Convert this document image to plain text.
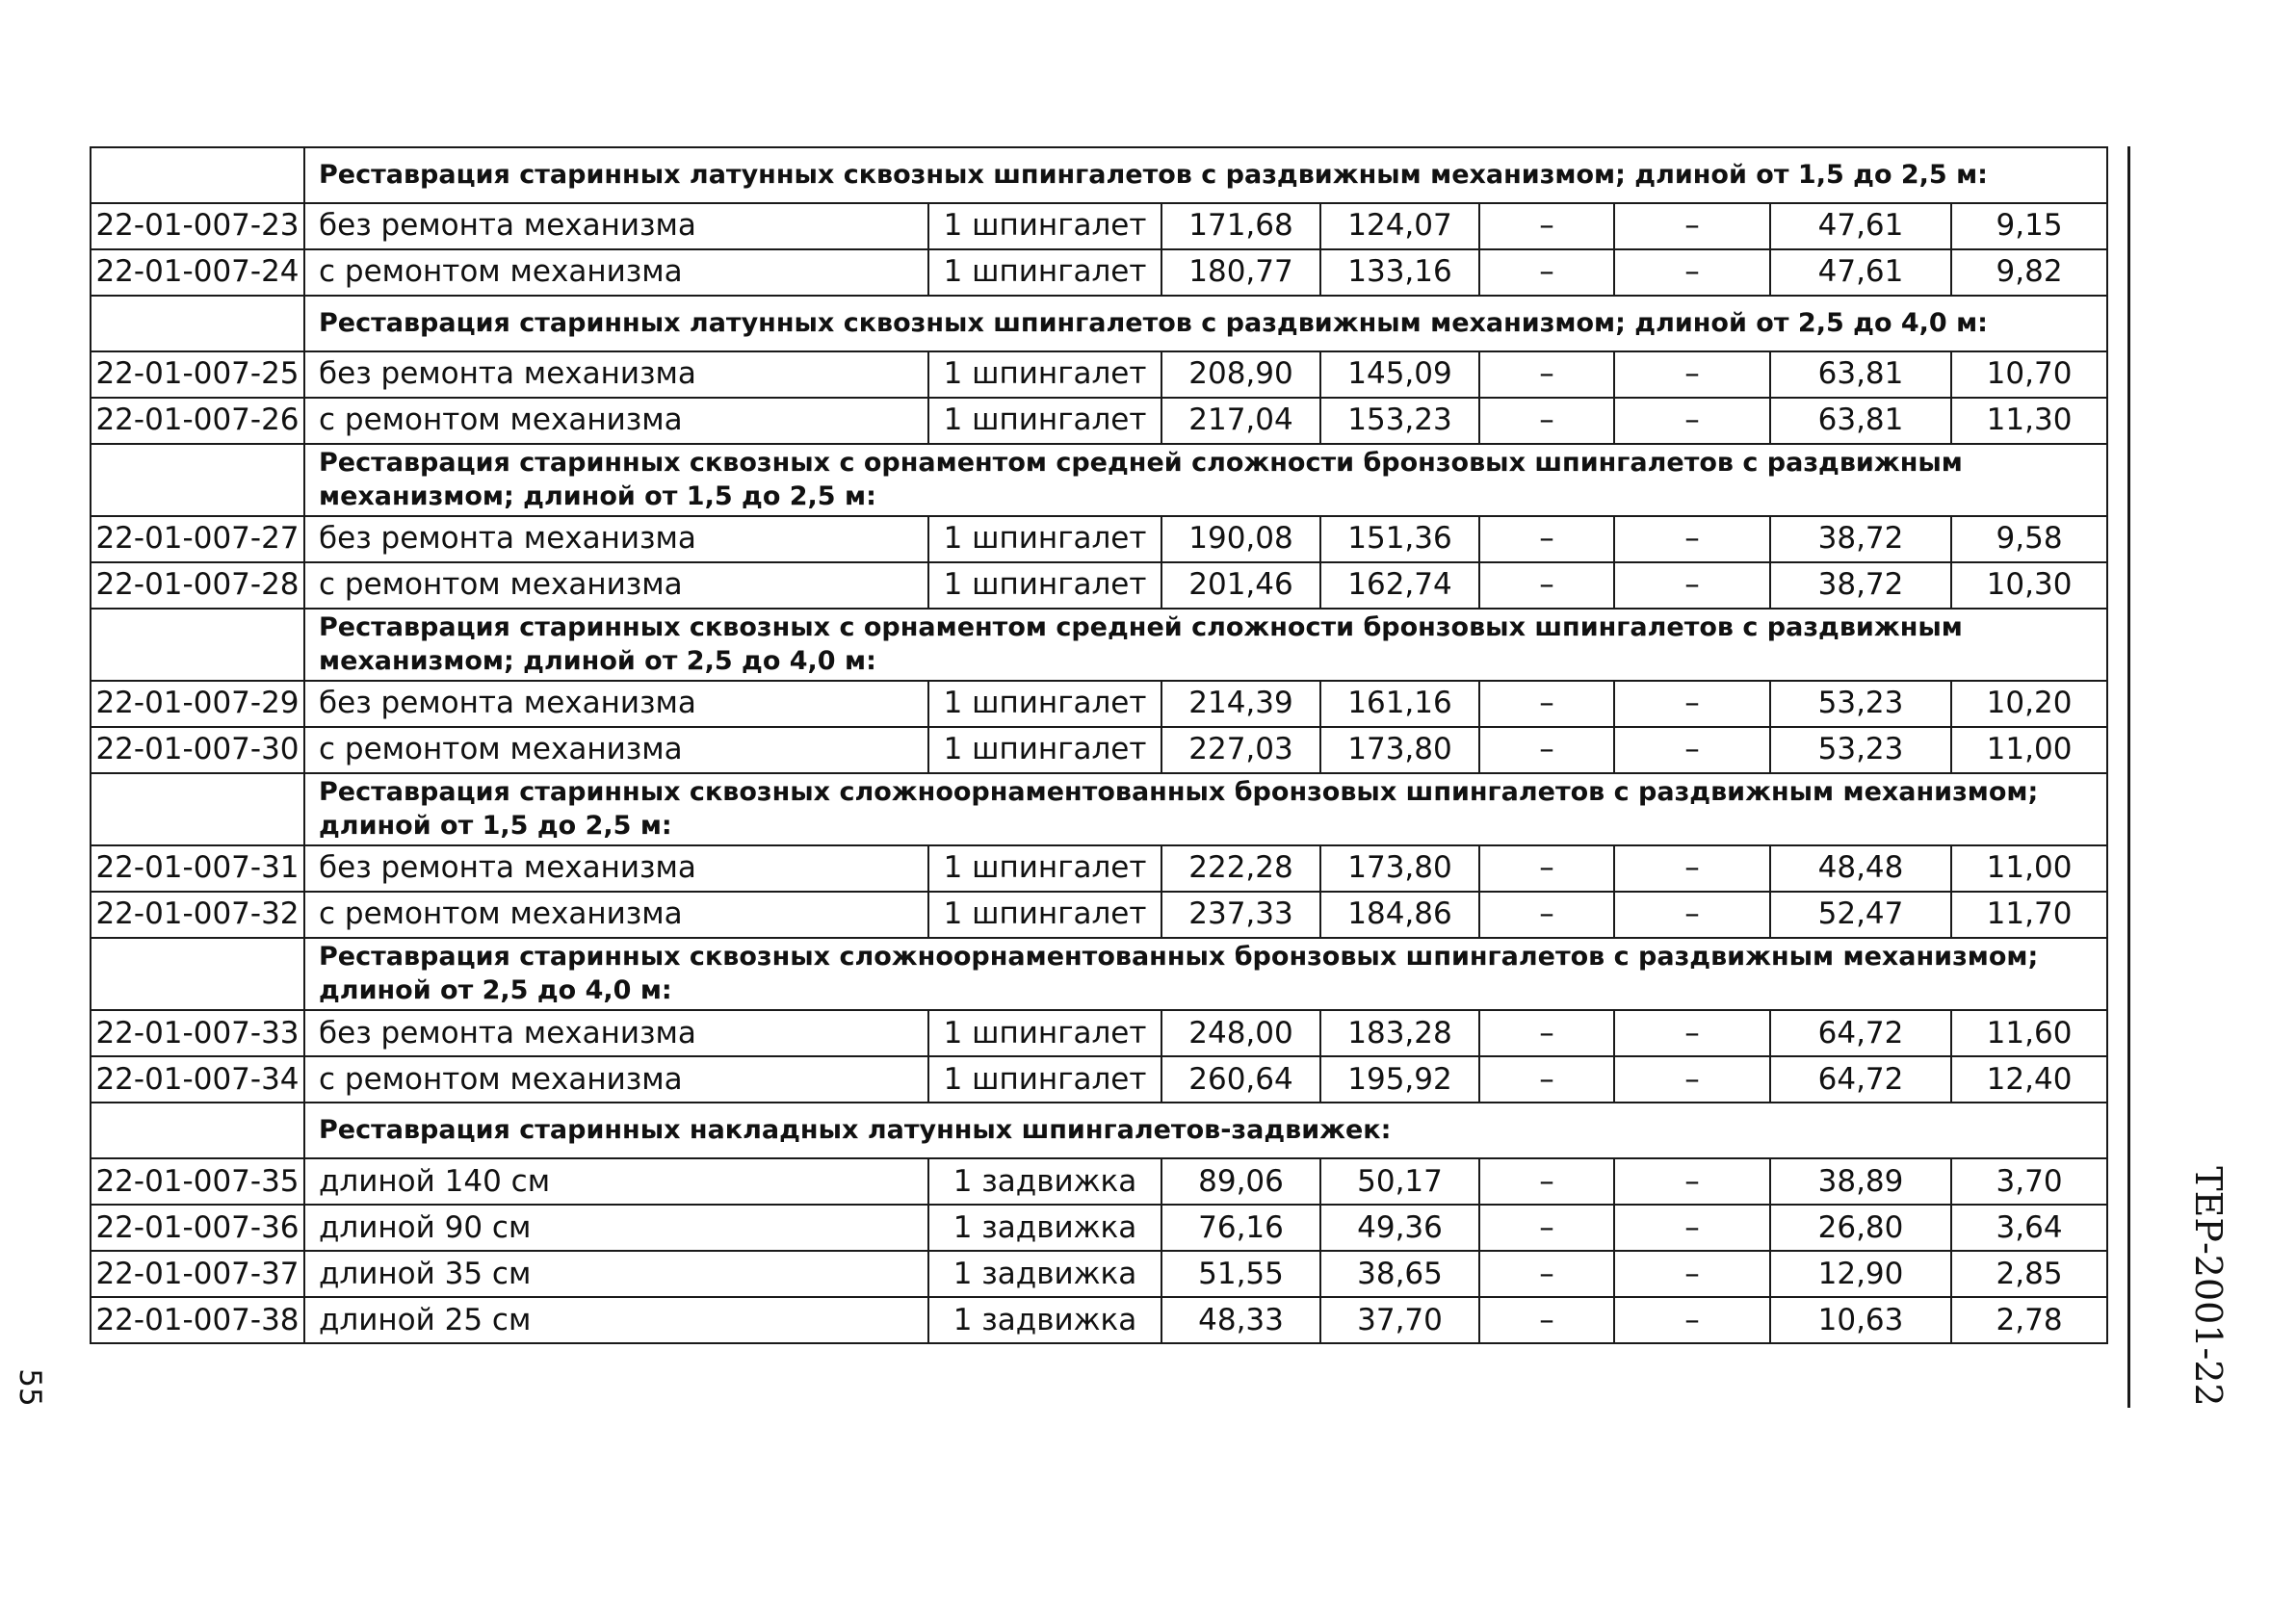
	Реставрация старинных латунных сквозных шпингалетов с раздвижным механизмом; длиной от 1,5 до 2,5 м:							
22-01-007-23	без ремонта механизма	1 шпингалет	171,68	124,07	–	–	47,61	9,15
22-01-007-24	с ремонтом механизма	1 шпингалет	180,77	133,16	–	–	47,61	9,82
	Реставрация старинных латунных сквозных шпингалетов с раздвижным механизмом; длиной от 2,5 до 4,0 м:							
22-01-007-25	без ремонта механизма	1 шпингалет	208,90	145,09	–	–	63,81	10,70
22-01-007-26	с ремонтом механизма	1 шпингалет	217,04	153,23	–	–	63,81	11,30
	Реставрация старинных сквозных с орнаментом средней сложности бронзовых шпингалетов с раздвижным механизмом; длиной от 1,5 до 2,5 м:							
22-01-007-27	без ремонта механизма	1 шпингалет	190,08	151,36	–	–	38,72	9,58
22-01-007-28	с ремонтом механизма	1 шпингалет	201,46	162,74	–	–	38,72	10,30
	Реставрация старинных сквозных с орнаментом средней сложности бронзовых шпингалетов с раздвижным механизмом; длиной от 2,5 до 4,0 м:							
22-01-007-29	без ремонта механизма	1 шпингалет	214,39	161,16	–	–	53,23	10,20
22-01-007-30	с ремонтом механизма	1 шпингалет	227,03	173,80	–	–	53,23	11,00
	Реставрация старинных сквозных сложноорнаментованных бронзовых шпингалетов с раздвижным механизмом; длиной от 1,5 до 2,5 м:							
22-01-007-31	без ремонта механизма	1 шпингалет	222,28	173,80	–	–	48,48	11,00
22-01-007-32	с ремонтом механизма	1 шпингалет	237,33	184,86	–	–	52,47	11,70
	Реставрация старинных сквозных сложноорнаментованных бронзовых шпингалетов с раздвижным механизмом; длиной от 2,5 до 4,0 м:							
22-01-007-33	без ремонта механизма	1 шпингалет	248,00	183,28	–	–	64,72	11,60
22-01-007-34	с ремонтом механизма	1 шпингалет	260,64	195,92	–	–	64,72	12,40
	Реставрация старинных накладных латунных шпингалетов-задвижек:							
22-01-007-35	длиной 140 см	1 задвижка	89,06	50,17	–	–	38,89	3,70
22-01-007-36	длиной 90 см	1 задвижка	76,16	49,36	–	–	26,80	3,64
22-01-007-37	длиной 35 см	1 задвижка	51,55	38,65	–	–	12,90	2,85
22-01-007-38	длиной 25 см	1 задвижка	48,33	37,70	–	–	10,63	2,78
55	ТЕР-2001-22
